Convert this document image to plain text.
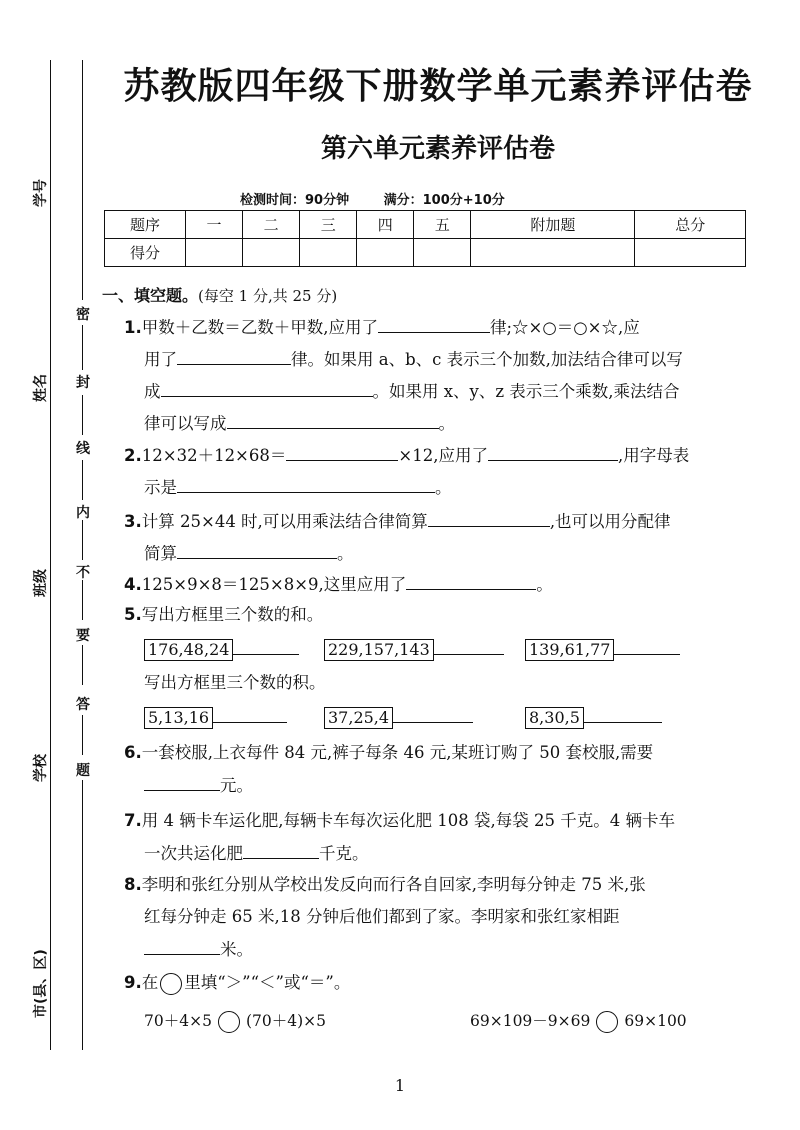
学号
姓名
班级
学校
市(县、区)
密
封
线
内
不
要
答
题
苏教版四年级下册数学单元素养评估卷
第六单元素养评估卷
检测时间：90分钟	满分：100分+10分
题序	一	二	三	四	五	附加题	总分
得分							
一、填空题。(每空 1 分,共 25 分)
1.甲数＋乙数＝乙数＋甲数,应用了	律;☆×○＝○×☆,应
用了	律。如果用 a、b、c 表示三个加数,加法结合律可以写
成	。如果用 x、y、z 表示三个乘数,乘法结合
律可以写成	。
2.12×32＋12×68＝	×12,应用了	,用字母表
示是	。
3.计算 25×44 时,可以用乘法结合律简算	,也可以用分配律
简算	。
4.125×9×8＝125×8×9,这里应用了	。
5.写出方框里三个数的和。
176,48,24	229,157,143	139,61,77
写出方框里三个数的积。
5,13,16	37,25,4	8,30,5
6.一套校服,上衣每件 84 元,裤子每条 46 元,某班订购了 50 套校服,需要
元。
7.用 4 辆卡车运化肥,每辆卡车每次运化肥 108 袋,每袋 25 千克。4 辆卡车
一次共运化肥	千克。
8.李明和张红分别从学校出发反向而行各自回家,李明每分钟走 75 米,张
红每分钟走 65 米,18 分钟后他们都到了家。李明家和张红家相距
米。
9.在 里填“＞”“＜”或“＝”。
70＋4×5 (70＋4)×5	69×109－9×69 69×100
1
